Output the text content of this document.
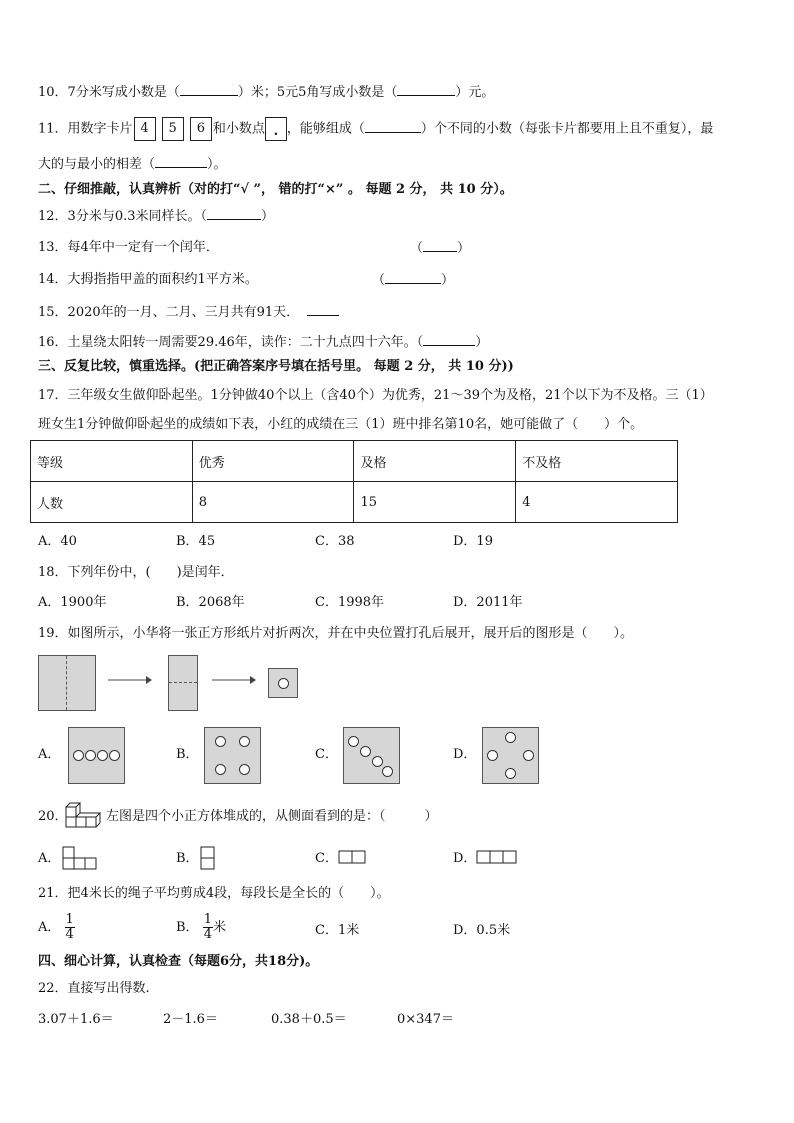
10．7分米写成小数是（	）米；5元5角写成小数是（	）元。
11．用数字卡片 4 5 6 和小数点 . ，能够组成（	）个不同的小数（每张卡片都要用上且不重复），最
大的与最小的相差（	）。
二、仔细推敲，认真辨析（对的打“√ ”， 错的打“×” 。 每题 2 分， 共 10 分）。
12．3分米与0.3米同样长。（	）
13．每4年中一定有一个闰年．	（	）
14．大拇指指甲盖的面积约1平方米。	（	）
15．2020年的一月、二月、三月共有91天．
16．土星绕太阳转一周需要29.46年，读作：二十九点四十六年。（	）
三、反复比较，慎重选择。(把正确答案序号填在括号里。 每题 2 分， 共 10 分))
17．三年级女生做仰卧起坐。1分钟做40个以上（含40个）为优秀，21～39个为及格，21个以下为不及格。三（1）
班女生1分钟做仰卧起坐的成绩如下表，小红的成绩在三（1）班中排名第10名，她可能做了（　　）个。
等级	优秀	及格	不及格
人数	8	15	4
A．40	B．45	C．38	D．19
18．下列年份中，(　　)是闰年．
A．1900年	B．2068年	C．1998年	D．2011年
19．如图所示，小华将一张正方形纸片对折两次，并在中央位置打孔后展开，展开后的图形是（　　）。
A．	B．	C．	D．
20．	左图是四个小正方体堆成的，从侧面看到的是：（　　　）
A．	B．	C．	D．
21．把4米长的绳子平均剪成4段，每段长是全长的（　　）。
A． $\frac{1}{4}$	B． $\frac{1}{4}$ 米	C．1米	D．0.5米
四、细心计算，认真检查（每题6分，共18分)。
22．直接写出得数.
3.07＋1.6＝	2－1.6＝	0.38＋0.5＝	0×347＝
